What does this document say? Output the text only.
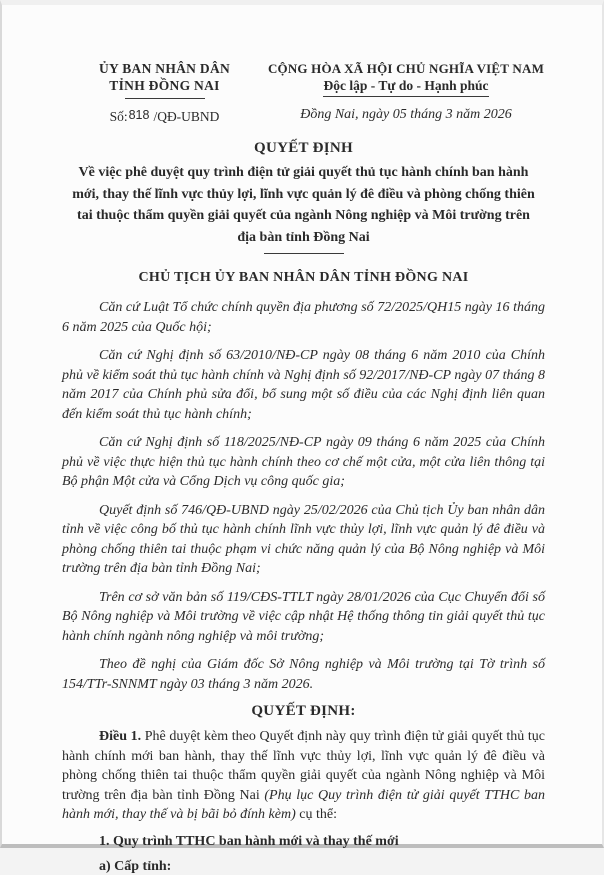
ỦY BAN NHÂN DÂN
TỈNH ĐỒNG NAI
Số:818 /QĐ-UBND
CỘNG HÒA XÃ HỘI CHỦ NGHĨA VIỆT NAM
Độc lập - Tự do - Hạnh phúc
Đồng Nai, ngày 05 tháng 3 năm 2026
QUYẾT ĐỊNH
Về việc phê duyệt quy trình điện tử giải quyết thủ tục hành chính ban hành mới, thay thế lĩnh vực thủy lợi, lĩnh vực quản lý đê điều và phòng chống thiên tai thuộc thẩm quyền giải quyết của ngành Nông nghiệp và Môi trường trên địa bàn tỉnh Đồng Nai
CHỦ TỊCH ỦY BAN NHÂN DÂN TỈNH ĐỒNG NAI

Căn cứ Luật Tổ chức chính quyền địa phương số 72/2025/QH15 ngày 16 tháng 6 năm 2025 của Quốc hội;

Căn cứ Nghị định số 63/2010/NĐ-CP ngày 08 tháng 6 năm 2010 của Chính phủ về kiểm soát thủ tục hành chính và Nghị định số 92/2017/NĐ-CP ngày 07 tháng 8 năm 2017 của Chính phủ sửa đổi, bổ sung một số điều của các Nghị định liên quan đến kiểm soát thủ tục hành chính;

Căn cứ Nghị định số 118/2025/NĐ-CP ngày 09 tháng 6 năm 2025 của Chính phủ về việc thực hiện thủ tục hành chính theo cơ chế một cửa, một cửa liên thông tại Bộ phận Một cửa và Cổng Dịch vụ công quốc gia;

Quyết định số 746/QĐ-UBND ngày 25/02/2026 của Chủ tịch Ủy ban nhân dân tỉnh về việc công bố thủ tục hành chính lĩnh vực thủy lợi, lĩnh vực quản lý đê điều và phòng chống thiên tai thuộc phạm vi chức năng quản lý của Bộ Nông nghiệp và Môi trường trên địa bàn tỉnh Đồng Nai;

Trên cơ sở văn bản số 119/CĐS-TTLT ngày 28/01/2026 của Cục Chuyển đổi số Bộ Nông nghiệp và Môi trường về việc cập nhật Hệ thống thông tin giải quyết thủ tục hành chính ngành nông nghiệp và môi trường;

Theo đề nghị của Giám đốc Sở Nông nghiệp và Môi trường tại Tờ trình số 154/TTr-SNNMT ngày 03 tháng 3 năm 2026.

QUYẾT ĐỊNH:

Điều 1. Phê duyệt kèm theo Quyết định này quy trình điện tử giải quyết thủ tục hành chính mới ban hành, thay thế lĩnh vực thủy lợi, lĩnh vực quản lý đê điều và phòng chống thiên tai thuộc thẩm quyền giải quyết của ngành Nông nghiệp và Môi trường trên địa bàn tỉnh Đồng Nai (Phụ lục Quy trình điện tử giải quyết TTHC ban hành mới, thay thế và bị bãi bỏ đính kèm) cụ thể:

1. Quy trình TTHC ban hành mới và thay thế mới

a) Cấp tỉnh:
